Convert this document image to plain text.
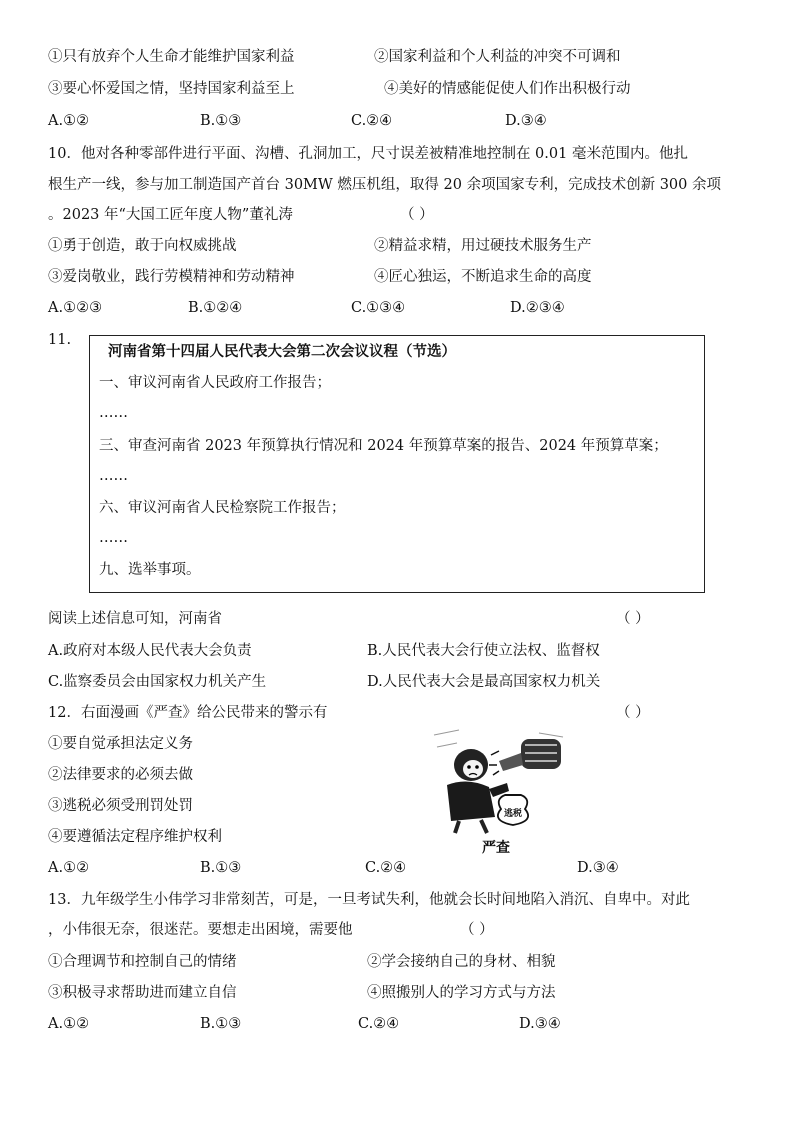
①只有放弃个人生命才能维护国家利益	②国家利益和个人利益的冲突不可调和
③要心怀爱国之情，坚持国家利益至上	④美好的情感能促使人们作出积极行动
A.①②	B.①③	C.②④	D.③④
10．他对各种零部件进行平面、沟槽、孔洞加工，尺寸误差被精准地控制在 0.01 毫米范围内。他扎
根生产一线，参与加工制造国产首台 30MW 燃压机组，取得 20 余项国家专利，完成技术创新 300 余项
。2023 年“大国工匠年度人物”董礼涛	（ ）
①勇于创造，敢于向权威挑战	②精益求精，用过硬技术服务生产
③爱岗敬业，践行劳模精神和劳动精神	④匠心独运，不断追求生命的高度
A.①②③	B.①②④	C.①③④	D.②③④
11.
河南省第十四届人民代表大会第二次会议议程（节选）
一、审议河南省人民政府工作报告；
……
三、审查河南省 2023 年预算执行情况和 2024 年预算草案的报告、2024 年预算草案；
……
六、审议河南省人民检察院工作报告；
……
九、选举事项。
阅读上述信息可知，河南省	（ ）
A.政府对本级人民代表大会负责	B.人民代表大会行使立法权、监督权
C.监察委员会由国家权力机关产生	D.人民代表大会是最高国家权力机关
12．右面漫画《严查》给公民带来的警示有	（ ）
①要自觉承担法定义务
②法律要求的必须去做
③逃税必须受刑罚处罚
④要遵循法定程序维护权利
逃税
严查
A.①②	B.①③	C.②④	D.③④
13．九年级学生小伟学习非常刻苦，可是，一旦考试失利，他就会长时间地陷入消沉、自卑中。对此
，小伟很无奈，很迷茫。要想走出困境，需要他	（ ）
①合理调节和控制自己的情绪	②学会接纳自己的身材、相貌
③积极寻求帮助进而建立自信	④照搬别人的学习方式与方法
A.①②	B.①③	C.②④	D.③④
